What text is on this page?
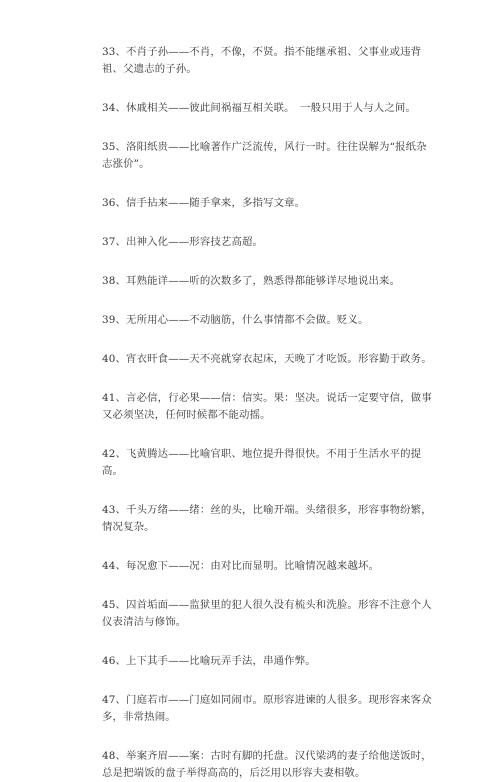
33、不肖子孙——不肖，不像，不贤。指不能继承祖、父事业或违背祖、父遗志的子孙。

34、休戚相关——彼此间祸福互相关联。　一般只用于人与人之间。

35、洛阳纸贵——比喻著作广泛流传，风行一时。往往误解为“报纸杂志涨价”。

36、信手拈来——随手拿来，多指写文章。

37、出神入化——形容技艺高超。

38、耳熟能详——听的次数多了，熟悉得都能够详尽地说出来。

39、无所用心——不动脑筋，什么事情都不会做。贬义。

40、宵衣旰食——天不亮就穿衣起床，天晚了才吃饭。形容勤于政务。

41、言必信，行必果——信：信实。果：坚决。说话一定要守信，做事又必须坚决，任何时候都不能动摇。

42、飞黄腾达——比喻官职、地位提升得很快。不用于生活水平的提高。

43、千头万绪——绪：丝的头，比喻开端。头绪很多，形容事物纷繁，情况复杂。

44、每况愈下——况：由对比而显明。比喻情况越来越坏。

45、囚首垢面——监狱里的犯人很久没有梳头和洗脸。形容不注意个人仪表清洁与修饰。

46、上下其手——比喻玩弄手法，串通作弊。

47、门庭若市——门庭如同闹市。原形容进谏的人很多。现形容来客众多，非常热闹。

48、举案齐眉——案：古时有脚的托盘。汉代梁鸿的妻子给他送饭时，总是把端饭的盘子举得高高的，后泛用以形容夫妻相敬。
